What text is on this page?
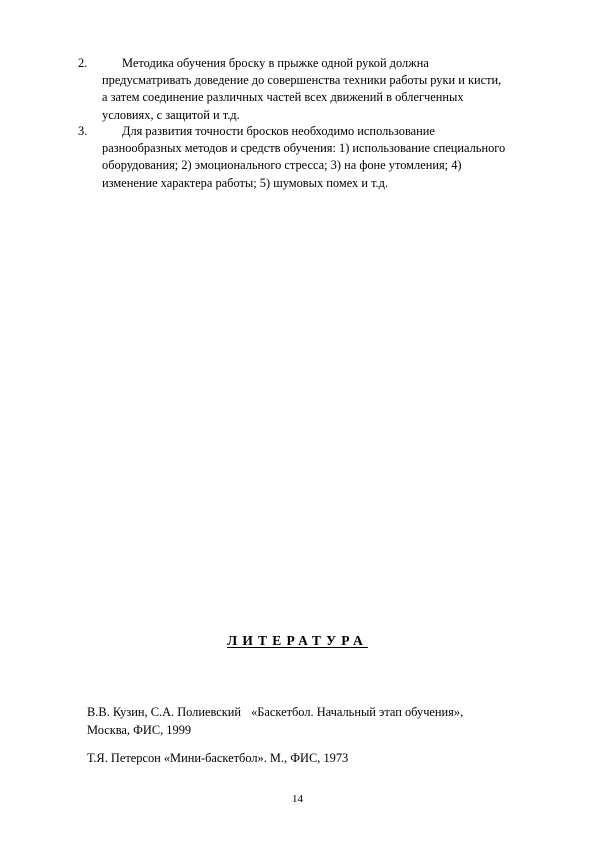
2.	Методика обучения броску в прыжке одной рукой должна
предусматривать доведение до совершенства техники работы руки и кисти,
а затем соединение различных частей всех движений в облегченных
условиях, с защитой и т.д.
3.	Для развития точности бросков необходимо использование
разнообразных методов и средств обучения: 1) использование специального
оборудования; 2) эмоционального стресса; 3) на фоне утомления; 4)
изменение характера работы; 5) шумовых помех и т.д.
ЛИТЕРАТУРА
В.В. Кузин, С.А. Полиевский «Баскетбол. Начальный этап обучения»,
Москва, ФИС, 1999
Т.Я. Петерсон «Мини-баскетбол». М., ФИС, 1973
14
